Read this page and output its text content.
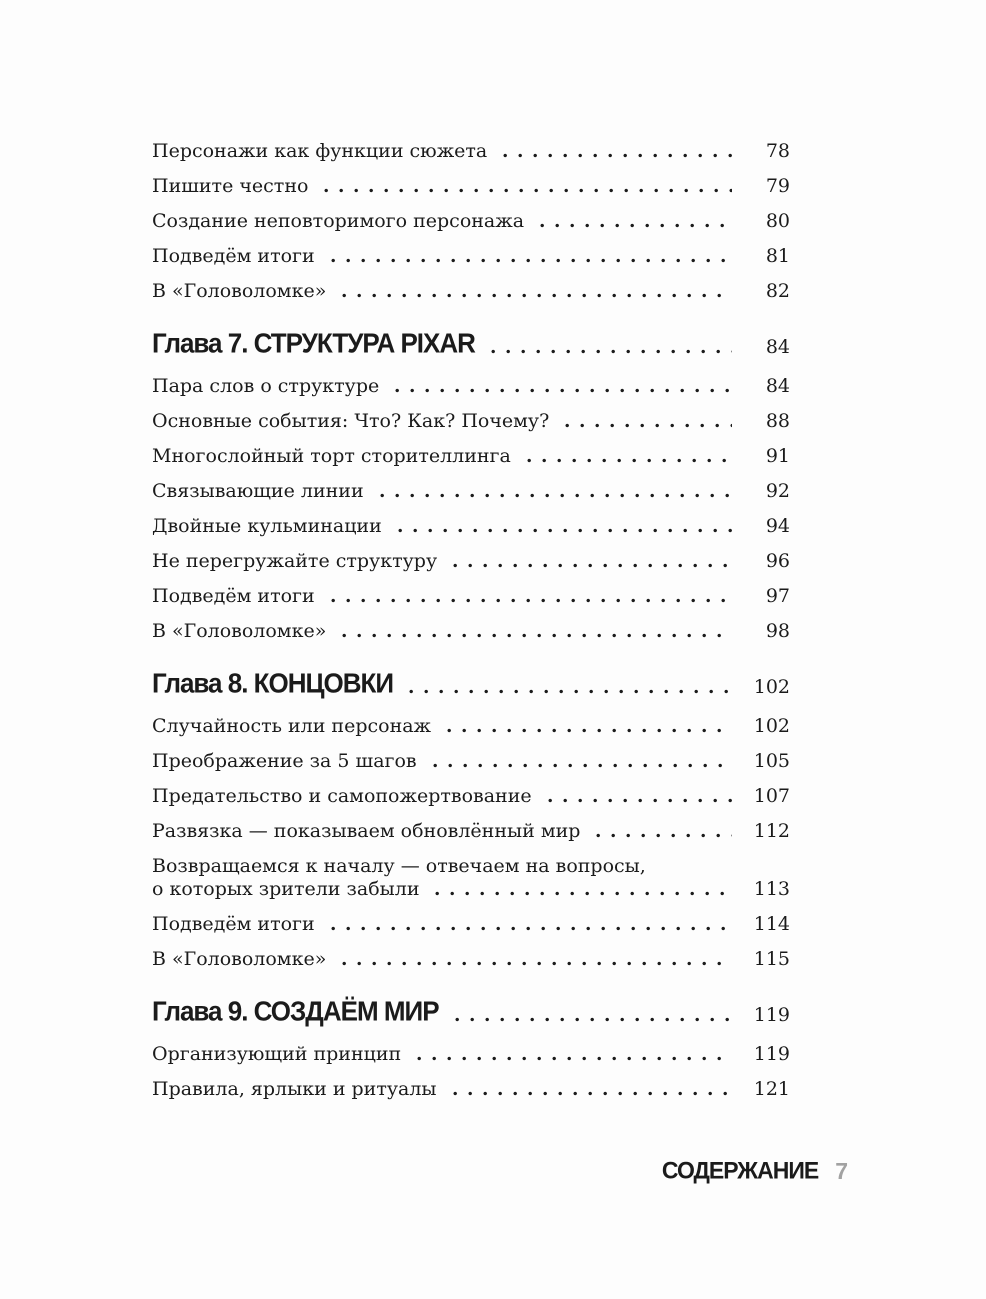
Персонажи как функции сюжета	78
Пишите честно	79
Создание неповторимого персонажа	80
Подведём итоги	81
В «Головоломке»	82
Глава 7. СТРУКТУРА PIXAR	84
Пара слов о структуре	84
Основные события: Что? Как? Почему?	88
Многослойный торт сторителлинга	91
Связывающие линии	92
Двойные кульминации	94
Не перегружайте структуру	96
Подведём итоги	97
В «Головоломке»	98
Глава 8. КОНЦОВКИ	102
Случайность или персонаж	102
Преображение за 5 шагов	105
Предательство и самопожертвование	107
Развязка — показываем обновлённый мир	112
Возвращаемся к началу — отвечаем на вопросы,
о которых зрители забыли	113
Подведём итоги	114
В «Головоломке»	115
Глава 9. СОЗДАЁМ МИР	119
Организующий принцип	119
Правила, ярлыки и ритуалы	121
СОДЕРЖАНИЕ 7
